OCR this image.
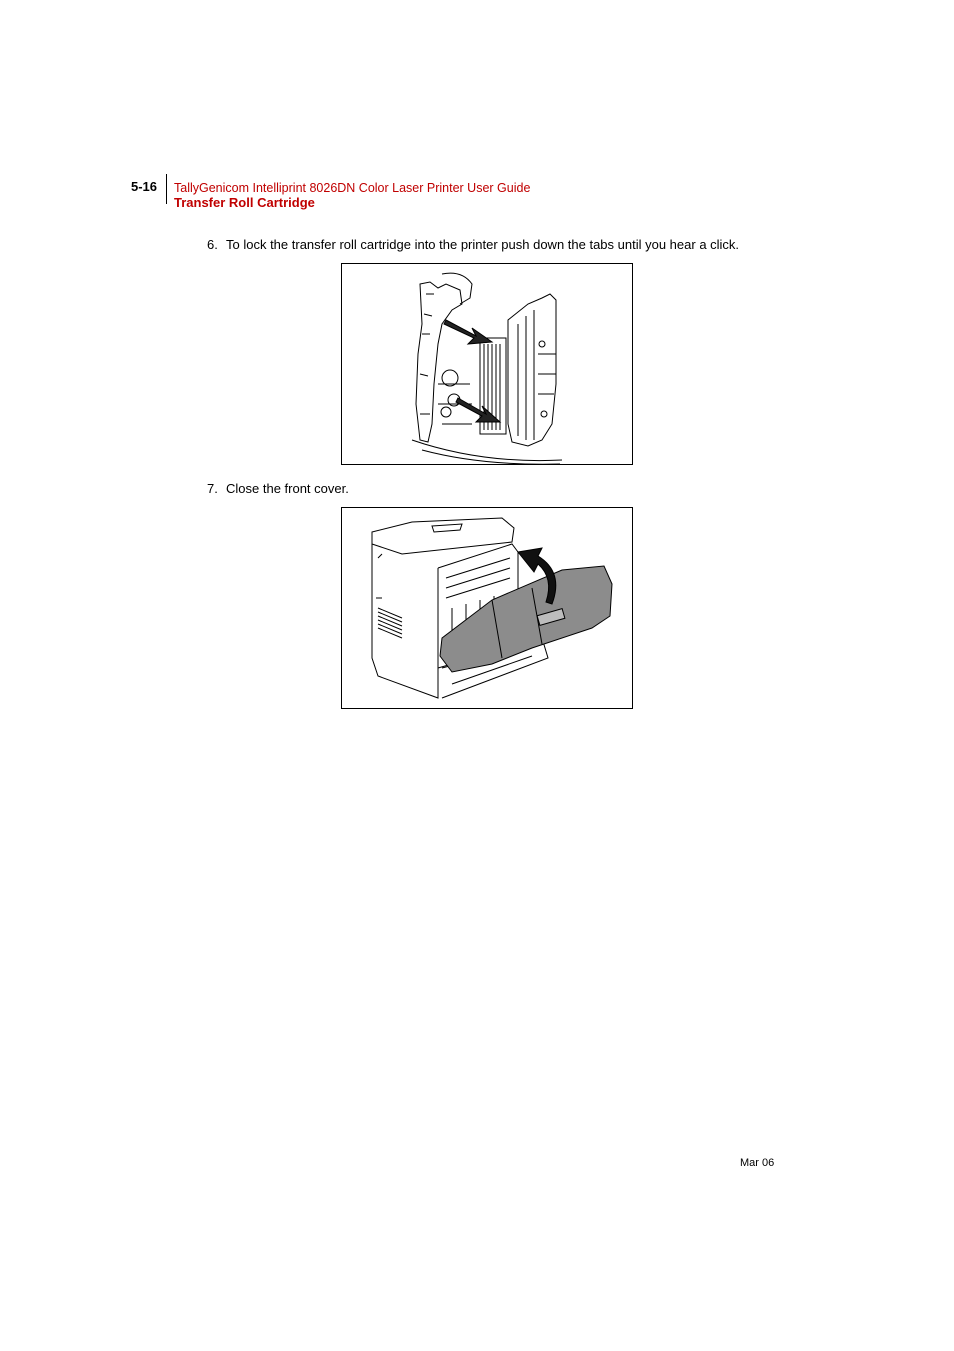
5-16 TallyGenicom Intelliprint 8026DN Color Laser Printer User Guide
Transfer Roll Cartridge
6. To lock the transfer roll cartridge into the printer push down the tabs until you hear a click.
7. Close the front cover.
Mar 06
